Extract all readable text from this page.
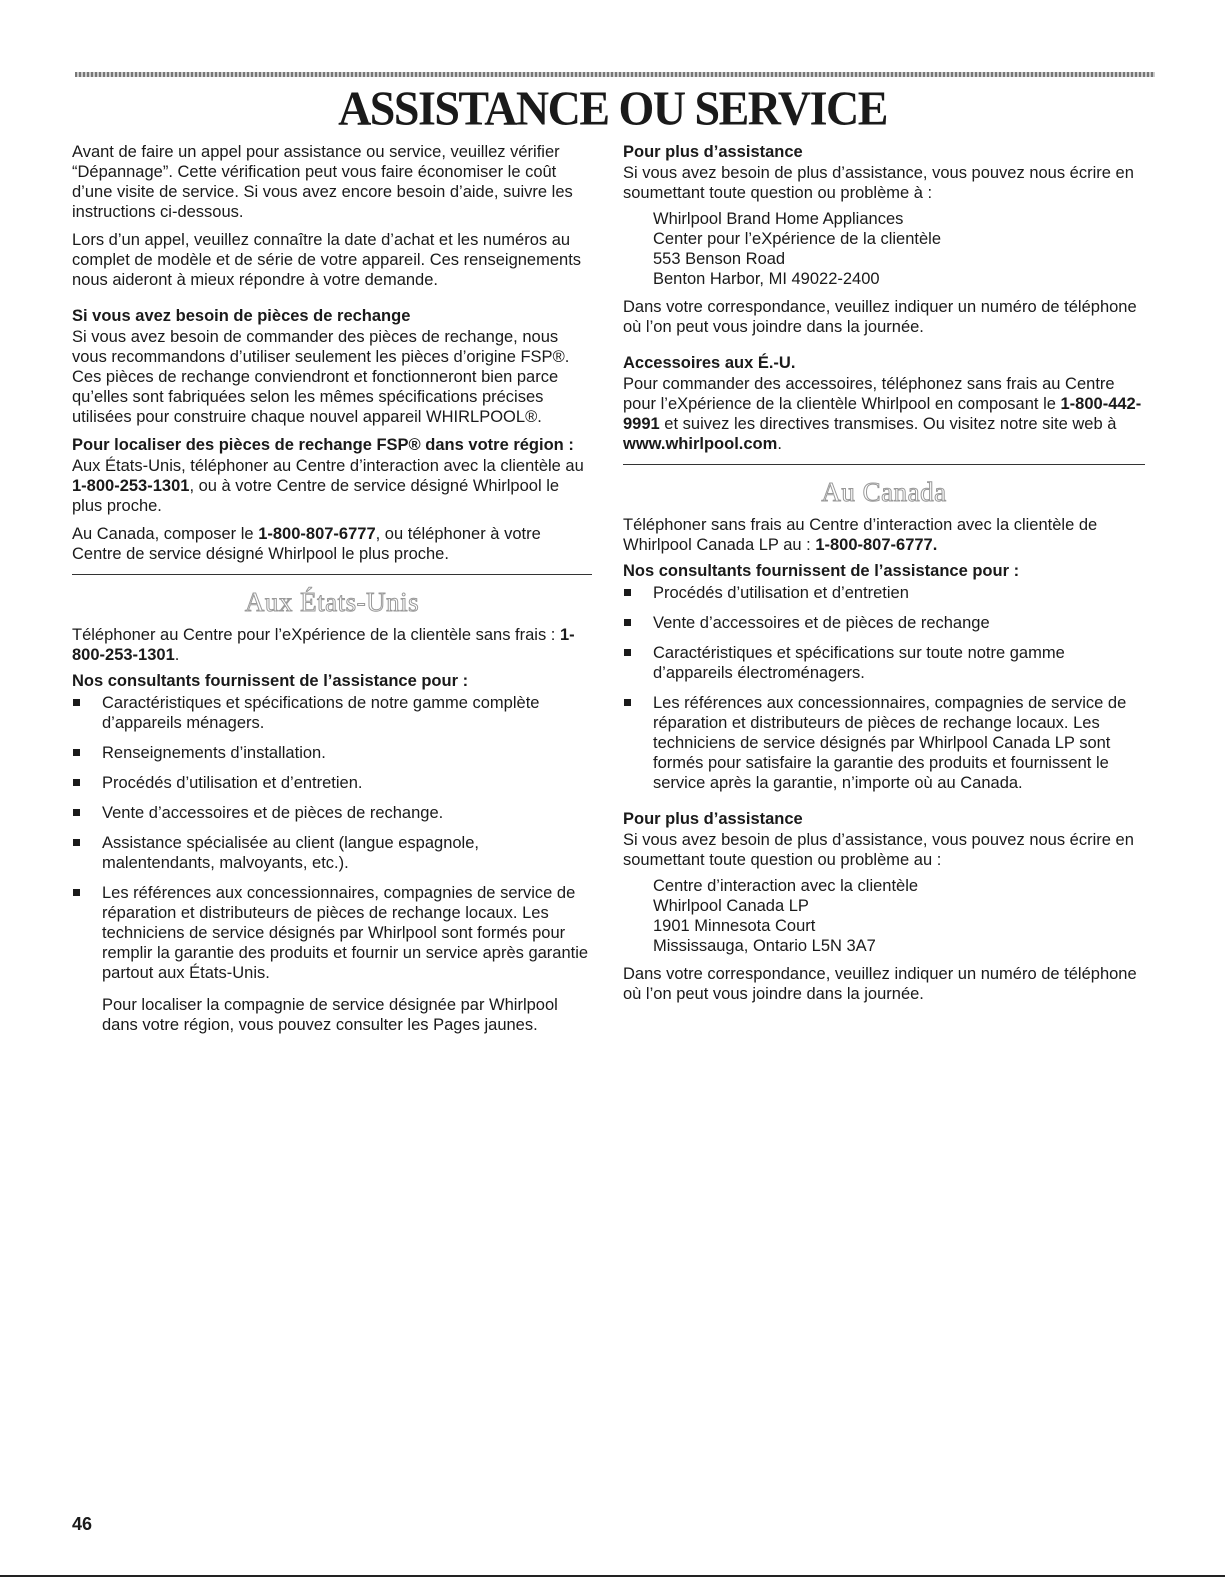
ASSISTANCE OU SERVICE

Avant de faire un appel pour assistance ou service, veuillez vérifier “Dépannage”. Cette vérification peut vous faire économiser le coût d’une visite de service. Si vous avez encore besoin d’aide, suivre les instructions ci-dessous.

Lors d’un appel, veuillez connaître la date d’achat et les numéros au complet de modèle et de série de votre appareil. Ces renseignements nous aideront à mieux répondre à votre demande.

Si vous avez besoin de pièces de rechange

Si vous avez besoin de commander des pièces de rechange, nous vous recommandons d’utiliser seulement les pièces d’origine FSP®. Ces pièces de rechange conviendront et fonctionneront bien parce qu’elles sont fabriquées selon les mêmes spécifications précises utilisées pour construire chaque nouvel appareil WHIRLPOOL®.

Pour localiser des pièces de rechange FSP® dans votre région :

Aux États-Unis, téléphoner au Centre d’interaction avec la clientèle au 1-800-253-1301, ou à votre Centre de service désigné Whirlpool le plus proche.

Au Canada, composer le 1-800-807-6777, ou téléphoner à votre Centre de service désigné Whirlpool le plus proche.

Aux États-Unis

Téléphoner au Centre pour l’eXpérience de la clientèle sans frais : 1-800-253-1301.

Nos consultants fournissent de l’assistance pour :
Caractéristiques et spécifications de notre gamme complète d’appareils ménagers.
Renseignements d’installation.
Procédés d’utilisation et d’entretien.
Vente d’accessoires et de pièces de rechange.
Assistance spécialisée au client (langue espagnole, malentendants, malvoyants, etc.).
Les références aux concessionnaires, compagnies de service de réparation et distributeurs de pièces de rechange locaux. Les techniciens de service désignés par Whirlpool sont formés pour remplir la garantie des produits et fournir un service après garantie partout aux États-Unis.
Pour localiser la compagnie de service désignée par Whirlpool dans votre région, vous pouvez consulter les Pages jaunes.
Pour plus d’assistance

Si vous avez besoin de plus d’assistance, vous pouvez nous écrire en soumettant toute question ou problème à :

Whirlpool Brand Home Appliances
Center pour l’eXpérience de la clientèle
553 Benson Road
Benton Harbor, MI 49022-2400

Dans votre correspondance, veuillez indiquer un numéro de téléphone où l’on peut vous joindre dans la journée.

Accessoires aux É.-U.

Pour commander des accessoires, téléphonez sans frais au Centre pour l’eXpérience de la clientèle Whirlpool en composant le 1-800-442-9991 et suivez les directives transmises. Ou visitez notre site web à www.whirlpool.com.

Au Canada

Téléphoner sans frais au Centre d’interaction avec la clientèle de Whirlpool Canada LP au : 1-800-807-6777.

Nos consultants fournissent de l’assistance pour :
Procédés d’utilisation et d’entretien
Vente d’accessoires et de pièces de rechange
Caractéristiques et spécifications sur toute notre gamme d’appareils électroménagers.
Les références aux concessionnaires, compagnies de service de réparation et distributeurs de pièces de rechange locaux. Les techniciens de service désignés par Whirlpool Canada LP sont formés pour satisfaire la garantie des produits et fournissent le service après la garantie, n’importe où au Canada.
Pour plus d’assistance

Si vous avez besoin de plus d’assistance, vous pouvez nous écrire en soumettant toute question ou problème au :

Centre d’interaction avec la clientèle
Whirlpool Canada LP
1901 Minnesota Court
Mississauga, Ontario L5N 3A7

Dans votre correspondance, veuillez indiquer un numéro de téléphone où l’on peut vous joindre dans la journée.

46
